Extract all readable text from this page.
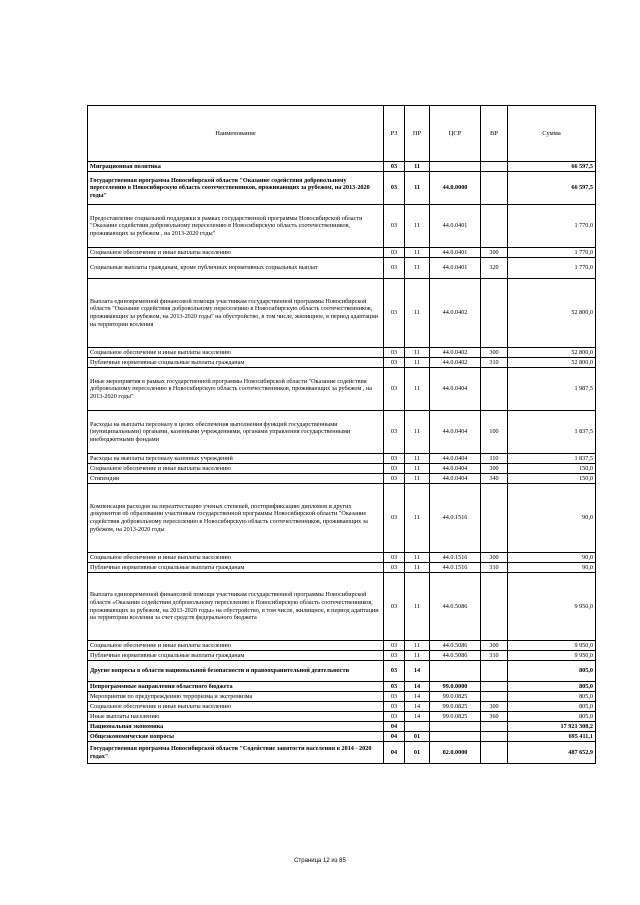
Наименование	РЗ	ПР	ЦСР	ВР	Сумма
Миграционная политика	03	11			66 597,5
Государственная программа Новосибирской области "Оказание содействия добровольному переселению в Новосибирскую область соотечественников, проживающих за рубежом, на 2013-2020 годы"	03	11	44.0.0000		66 597,5
Предоставление социальной поддержки в рамках государственной программы Новосибирской области "Оказание содействия добровольному переселению в Новосибирскую область соотечественников, проживающих за рубежом , на 2013-2020 годы"	03	11	44.0.0401		1 770,0
Социальное обеспечение и иные выплаты населению	03	11	44.0.0401	300	1 770,0
Социальные выплаты гражданам, кроме публичных нормативных социальных выплат	03	11	44.0.0401	320	1 770,0
Выплата единовременной финансовой помощи участникам государственной программы Новосибирской области "Оказание содействия добровольному переселению в Новосибирскую область соотечественников, проживающих за рубежом, на 2013-2020 годы" на обустройство, в том числе, жилищное, в период адаптации на территории вселения	03	11	44.0.0402		52 800,0
Социальное обеспечение и иные выплаты населению	03	11	44.0.0402	300	52 800,0
Публичные нормативные социальные выплаты гражданам	03	11	44.0.0402	310	52 800,0
Иные мероприятия в рамках государственной программы Новосибирской области "Оказание содействия добровольному переселению в Новосибирскую область соотечественников, проживающих за рубежом , на 2013-2020 годы"	03	11	44.0.0404		1 987,5
Расходы на выплаты персоналу в целях обеспечения выполнения функций государственными (муниципальными) органами, казенными учреждениями, органами управления государственными внебюджетными фондами	03	11	44.0.0404	100	1 837,5
Расходы на выплаты персоналу казенных учреждений	03	11	44.0.0404	110	1 837,5
Социальное обеспечение и иные выплаты населению	03	11	44.0.0404	300	150,0
Стипендии	03	11	44.0.0404	340	150,0
Компенсация расходов на переаттестацию ученых степеней, постпрификсацию дипломов и других документов об образовании участникам государственной программы Новосибирской области "Оказание содействия добровольному переселению в Новосибирскую область соотечественников, проживающих за рубежом, на 2013-2020 годы	03	11	44.0.1516		90,0
Социальное обеспечение и иные выплаты населению	03	11	44.0.1516	300	90,0
Публичные нормативные социальные выплаты гражданам	03	11	44.0.1516	310	90,0
Выплата единовременной финансовой помощи участникам государственной программы Новосибирской области «Оказание содействия добровольному переселению в Новосибирскую область соотечественников, проживающих за рубежом, на 2013-2020 годы» на обустройство, в том числе, жилищное, в период адаптации на территории вселения за счет средств федерального бюджета	03	11	44.0.5086		9 950,0
Социальное обеспечение и иные выплаты населению	03	11	44.0.5086	300	9 950,0
Публичные нормативные социальные выплаты гражданам	03	11	44.0.5086	310	9 950,0
Другие вопросы в области национальной безопасности и правоохранительной деятельности	03	14			805,0
Непрограммные направления областного бюджета	03	14	99.0.0000		805,0
Мероприятия по предупреждению терроризма и экстремизма	03	14	99.0.0825		805,0
Социальное обеспечение и иные выплаты населению	03	14	99.0.0825	300	805,0
Иные выплаты населению	03	14	99.0.0825	360	805,0
Национальная экономика	04				17 921 308,2
Общеэкономические вопросы	04	01			695 411,1
Государственная программа Новосибирской области "Содействие занятости населения в 2014 - 2020 годах"	04	01	02.0.0000		487 652,9
Страница 12 из 85
